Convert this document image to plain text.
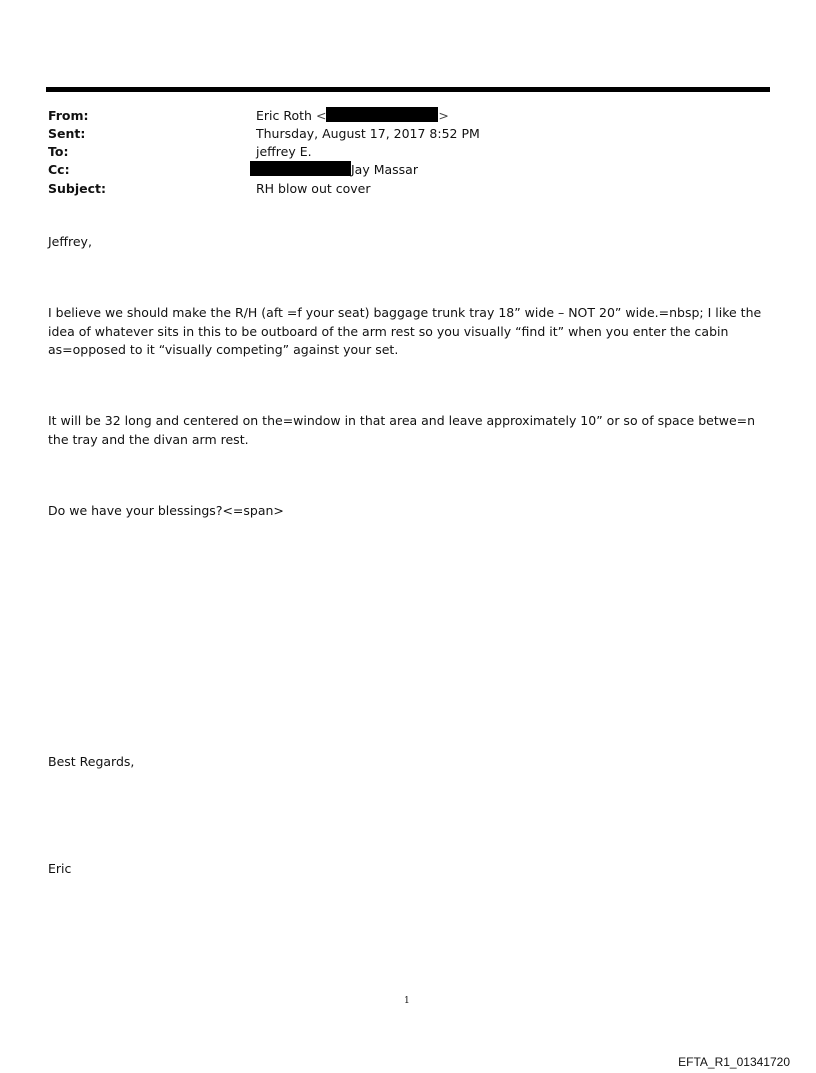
From:	Eric Roth <	>
Sent:	Thursday, August 17, 2017 8:52 PM
To:	jeffrey E.
Cc:	Jay Massar
Subject:	RH blow out cover

Jeffrey,

I believe we should make the R/H (aft =f your seat) baggage trunk tray 18” wide – NOT 20” wide.=nbsp; I like the idea of whatever sits in this to be outboard of the arm rest so you visually “find it” when you enter the cabin as=opposed to it “visually competing” against your set.

It will be 32 long and centered on the=window in that area and leave approximately 10” or so of space betwe=n the tray and the divan arm rest.

Do we have your blessings?<=span>

Best Regards,

Eric

1
EFTA_R1_01341720
